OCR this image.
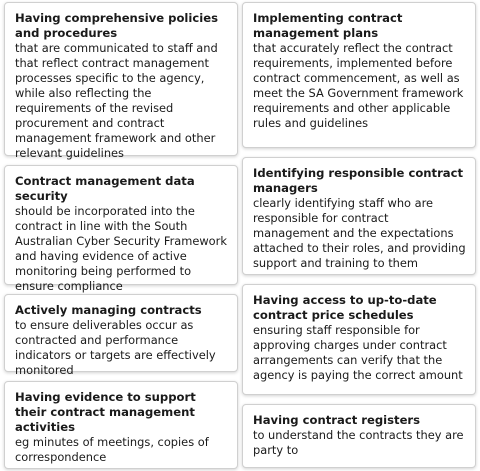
Having comprehensive policies and procedures

that are communicated to staff and that reflect contract management processes specific to the agency, while also reflecting the requirements of the revised procurement and contract management framework and other relevant guidelines

Contract management data security

should be incorporated into the contract in line with the South Australian Cyber Security Framework and having evidence of active monitoring being performed to ensure compliance

Actively managing contracts

to ensure deliverables occur as contracted and performance indicators or targets are effectively monitored

Having evidence to support their contract management activities

eg minutes of meetings, copies of correspondence

Implementing contract management plans

that accurately reflect the contract requirements, implemented before contract commencement, as well as meet the SA Government framework requirements and other applicable rules and guidelines

Identifying responsible contract managers

clearly identifying staff who are responsible for contract management and the expectations attached to their roles, and providing support and training to them

Having access to up-to-date contract price schedules

ensuring staff responsible for approving charges under contract arrangements can verify that the agency is paying the correct amount

Having contract registers

to understand the contracts they are party to
